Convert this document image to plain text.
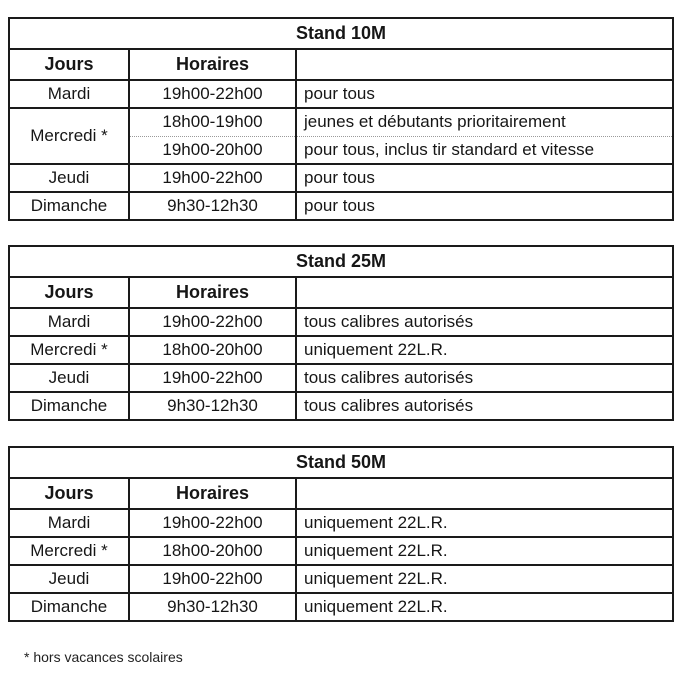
Stand 10M		
Jours	Horaires	
Mardi	19h00-22h00	pour tous
Mercredi *	18h00-19h00	jeunes et débutants prioritairement
	19h00-20h00	pour tous, inclus tir standard et vitesse
Jeudi	19h00-22h00	pour tous
Dimanche	9h30-12h30	pour tous
Stand 25M		
Jours	Horaires	
Mardi	19h00-22h00	tous calibres autorisés
Mercredi *	18h00-20h00	uniquement 22L.R.
Jeudi	19h00-22h00	tous calibres autorisés
Dimanche	9h30-12h30	tous calibres autorisés
Stand 50M		
Jours	Horaires	
Mardi	19h00-22h00	uniquement 22L.R.
Mercredi *	18h00-20h00	uniquement 22L.R.
Jeudi	19h00-22h00	uniquement 22L.R.
Dimanche	9h30-12h30	uniquement 22L.R.
* hors vacances scolaires
